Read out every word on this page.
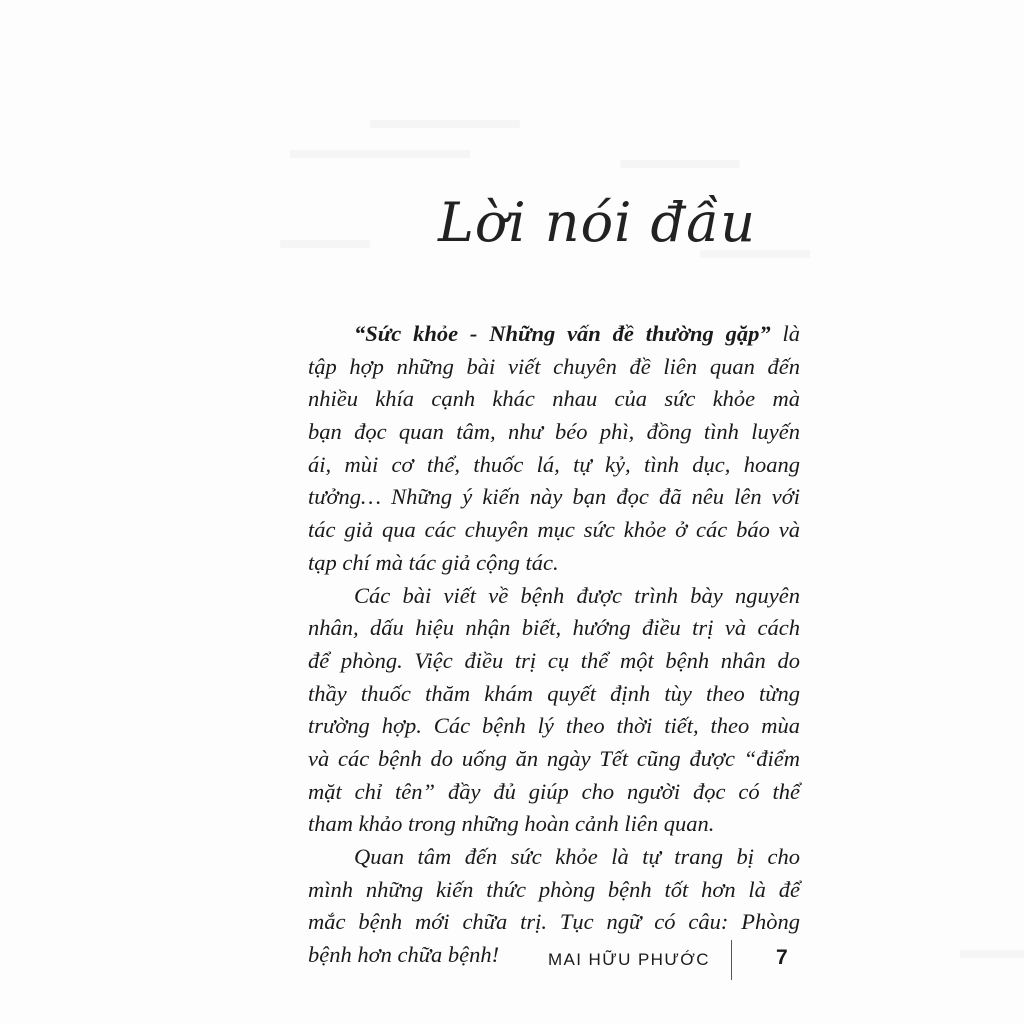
Lời nói đầu
“Sức khỏe - Những vấn đề thường gặp” là
tập hợp những bài viết chuyên đề liên quan đến
nhiều khía cạnh khác nhau của sức khỏe mà
bạn đọc quan tâm, như béo phì, đồng tình luyến
ái, mùi cơ thể, thuốc lá, tự kỷ, tình dục, hoang
tưởng… Những ý kiến này bạn đọc đã nêu lên với
tác giả qua các chuyên mục sức khỏe ở các báo và
tạp chí mà tác giả cộng tác.
Các bài viết về bệnh được trình bày nguyên
nhân, dấu hiệu nhận biết, hướng điều trị và cách
để phòng. Việc điều trị cụ thể một bệnh nhân do
thầy thuốc thăm khám quyết định tùy theo từng
trường hợp. Các bệnh lý theo thời tiết, theo mùa
và các bệnh do uống ăn ngày Tết cũng được “điểm
mặt chỉ tên” đầy đủ giúp cho người đọc có thể
tham khảo trong những hoàn cảnh liên quan.
Quan tâm đến sức khỏe là tự trang bị cho
mình những kiến thức phòng bệnh tốt hơn là để
mắc bệnh mới chữa trị. Tục ngữ có câu: Phòng
bệnh hơn chữa bệnh!	MAI HỮU PHƯỚC	7
